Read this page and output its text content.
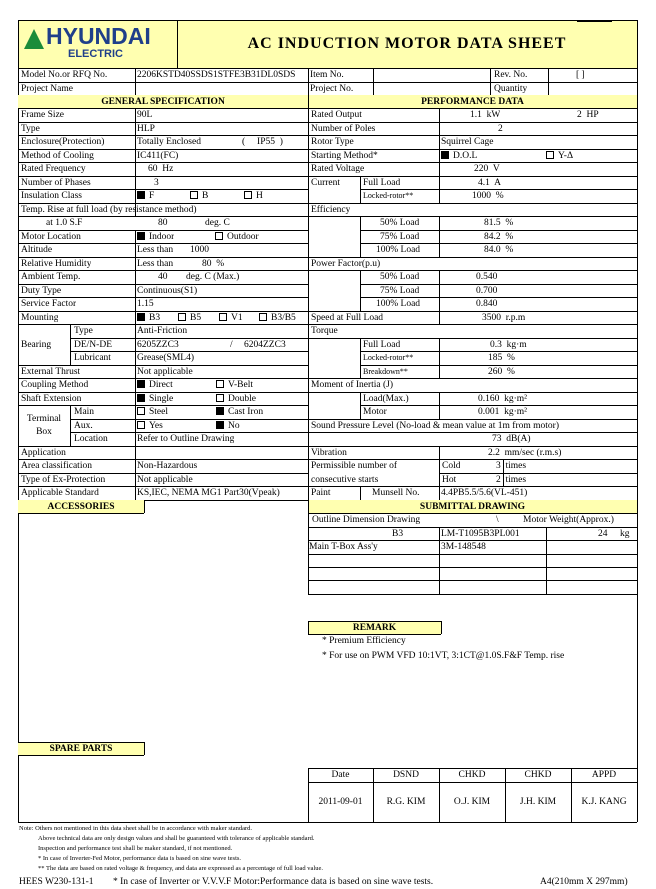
HYUNDAI
ELECTRIC
AC INDUCTION MOTOR DATA SHEET
Model No.or RFQ No.	2206KSTD40SSDS1STFE3B31DL0SDS	Item No.	Rev. No.	[ ]
Project Name	Project No.	Quantity
GENERAL SPECIFICATION	PERFORMANCE DATA
Frame Size	90L
Type	HLP
Enclosure(Protection)	Totally Enclosed	(     IP55  )
Method of Cooling	IC411(FC)
Rated Frequency	60  Hz
Number of Phases	3
Insulation Class	F	B	H
Temp. Rise at full load (by resistance method)
at 1.0 S.F	80	deg. C
Motor Location	Indoor	Outdoor
Altitude	Less than 1000
Relative Humidity	Less than	80  %
Ambient Temp.	40 deg. C (Max.)
Duty Type	Continuous(S1)
Service Factor	1.15
Mounting	B3	B5	V1	B3/B5
Bearing
Type	Anti-Friction
DE/N-DE	6205ZZC3	/ 6204ZZC3
Lubricant	Grease(SML4)
External Thrust	Not applicable
Coupling Method	Direct	V-Belt
Shaft Extension	Single	Double
Terminal
Box
Main	Steel	Cast Iron
Aux.	Yes	No
Location	Refer to Outline Drawing
Application
Area classification	Non-Hazardous
Type of Ex-Protection	Not applicable
Applicable Standard	KS,IEC, NEMA MG1 Part30(Vpeak)
Rated Output	1.1  kW	2  HP
Number of Poles	2
Rotor Type	Squirrel Cage
Starting Method*	D.O.L	Y-Δ
Rated Voltage	220  V
Current Full Load	4.1  A
Locked-rotor**	1000  %
Efficiency
50% Load	81.5  %
75% Load	84.2  %
100% Load	84.0  %
Power Factor(p.u)
50% Load	0.540
75% Load	0.700
100% Load	0.840
Speed at Full Load	3500  r.p.m
Torque
Full Load	0.3  kg·m
Locked-rotor**	185  %
Breakdown**	260  %
Moment of Inertia (J)
Load(Max.)	0.160  kg·m²
Motor	0.001  kg·m²
Sound Pressure Level (No-load & mean value at 1m from motor)
73  dB(A)
Vibration	2.2  mm/sec (r.m.s)
Permissible number of
consecutive starts
Cold	3  times
Hot	2  times
Paint	Munsell No. 4.4PB5.5/5.6(VL-451)
ACCESSORIES	SUBMITTAL DRAWING
Outline Dimension Drawing	\	Motor Weight(Approx.)
B3	LM-T1095B3PL001	24 kg
Main T-Box Ass'y	3M-148548
REMARK
* Premium Efficiency
* For use on PWM VFD 10:1VT, 3:1CT@1.0S.F&F Temp. rise
SPARE PARTS
Date	DSND	CHKD	CHKD	APPD
2011-09-01	R.G. KIM	O.J. KIM	J.H. KIM	K.J. KANG
Note: Others not mentioned in this data sheet shall be in accordance with maker standard.
Above technical data are only design values and shall be guaranteed with tolerance of applicable standard.
Inspection and performance test shall be maker standard, if not mentioned.
* In case of Inverter-Fed Motor, performance data is based on sine wave tests.
** The data are based on rated voltage & frequency, and data are expressed as a percentage of full load value.
HEES W230-131-1 * In case of Inverter or V.V.V.F Motor:Performance data is based on sine wave tests.	A4(210mm X 297mm)
